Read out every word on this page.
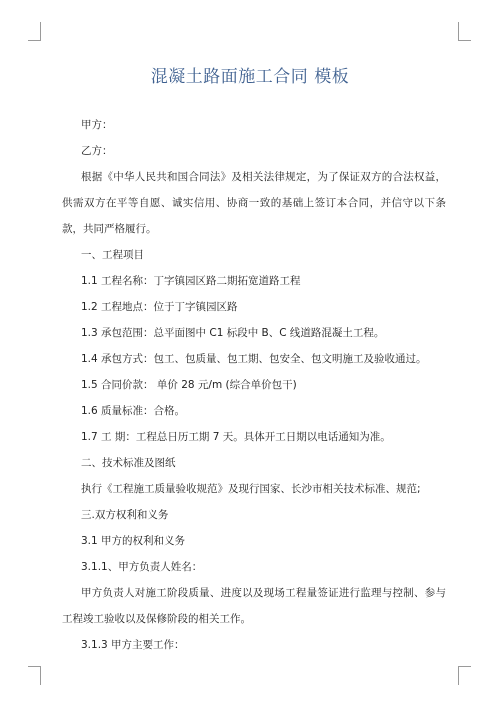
混凝土路面施工合同 模板

甲方：

乙方：

根据《中华人民共和国合同法》及相关法律规定，为了保证双方的合法权益，供需双方在平等自愿、诚实信用、协商一致的基础上签订本合同，并信守以下条款，共同严格履行。

一、工程项目

1.1 工程名称：丁字镇园区路二期拓宽道路工程

1.2 工程地点：位于丁字镇园区路

1.3 承包范围：总平面图中 C1 标段中 B、C 线道路混凝土工程。

1.4 承包方式：包工、包质量、包工期、包安全、包文明施工及验收通过。

1.5 合同价款： 单价 28 元/m (综合单价包干)

1.6 质量标准：合格。

1.7 工 期：工程总日历工期 7 天。具体开工日期以电话通知为准。

二、技术标准及图纸

执行《工程施工质量验收规范》及现行国家、长沙市相关技术标准、规范;

三.双方权利和义务

3.1 甲方的权利和义务

3.1.1、甲方负责人姓名：

甲方负责人对施工阶段质量、进度以及现场工程量签证进行监理与控制、参与工程竣工验收以及保修阶段的相关工作。

3.1.3 甲方主要工作：
